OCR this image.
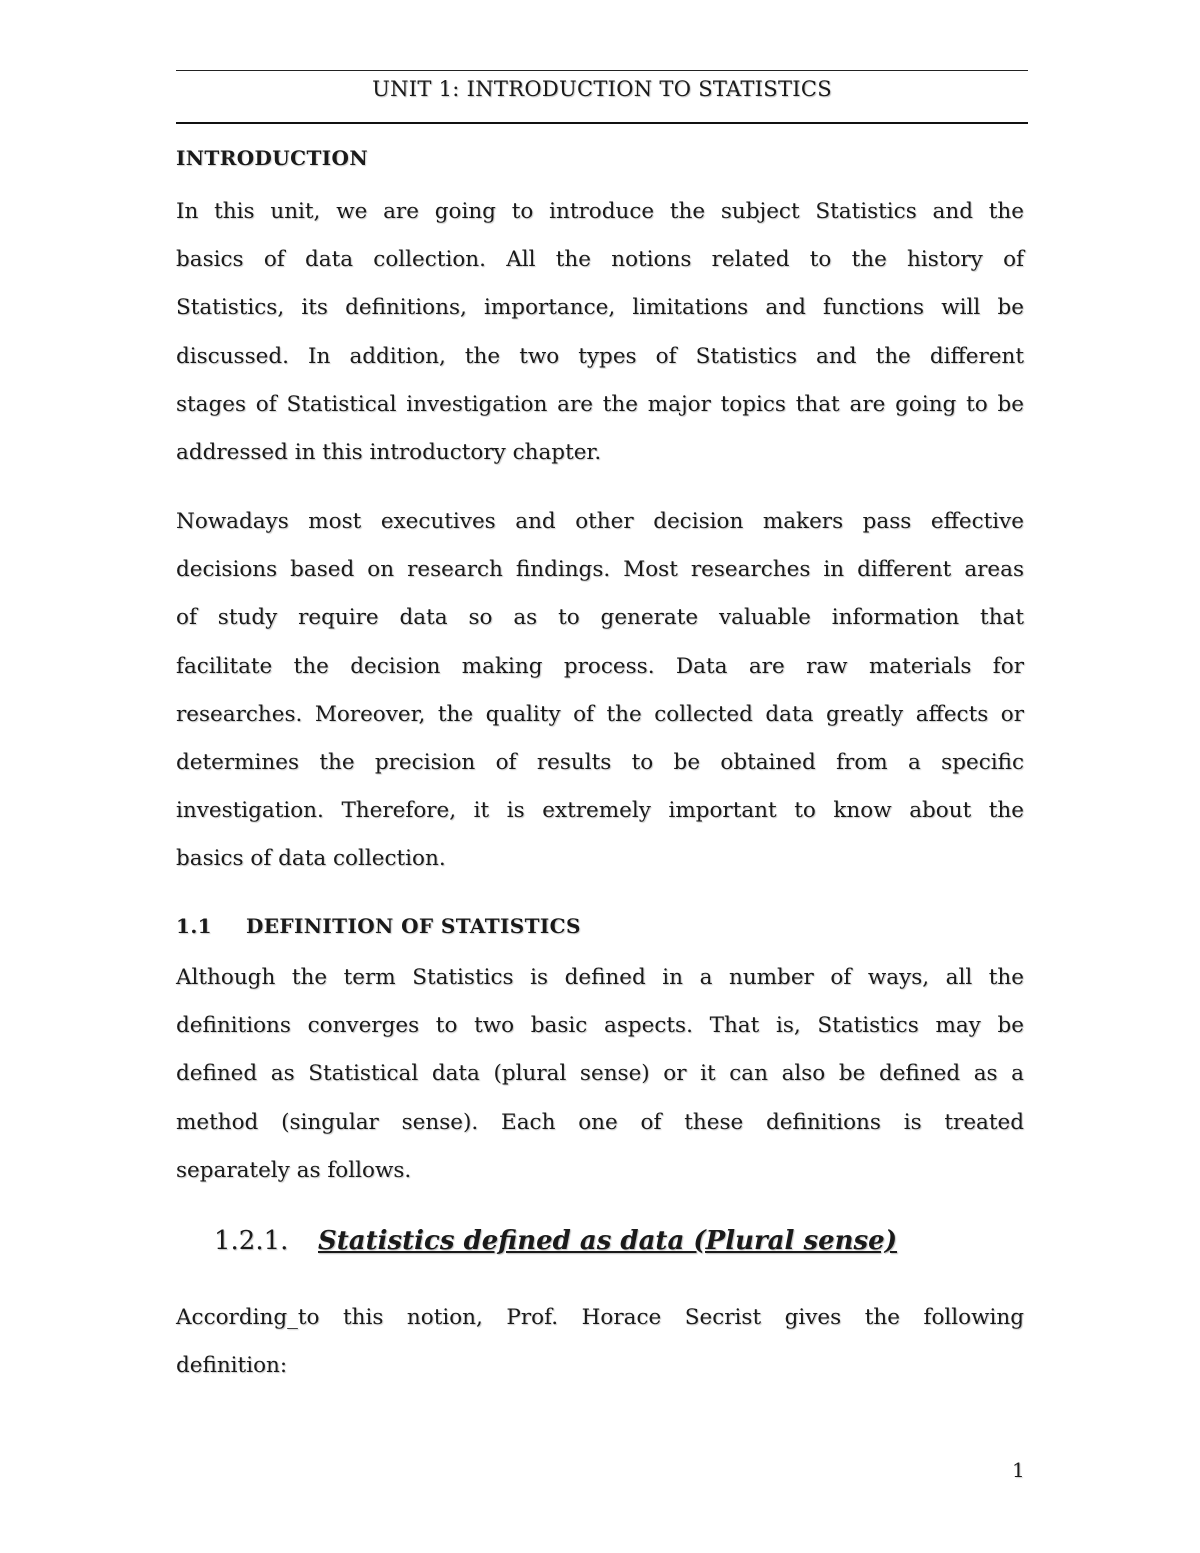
UNIT 1: INTRODUCTION TO STATISTICS
INTRODUCTION
In this unit, we are going to introduce the subject Statistics and the
basics of data collection. All the notions related to the history of
Statistics, its definitions, importance, limitations and functions will be
discussed. In addition, the two types of Statistics and the different
stages of Statistical investigation are the major topics that are going to be
addressed in this introductory chapter.
Nowadays most executives and other decision makers pass effective
decisions based on research findings. Most researches in different areas
of study require data so as to generate valuable information that
facilitate the decision making process. Data are raw materials for
researches. Moreover, the quality of the collected data greatly affects or
determines the precision of results to be obtained from a specific
investigation. Therefore, it is extremely important to know about the
basics of data collection.
1.1 DEFINITION OF STATISTICS
Although the term Statistics is defined in a number of ways, all the
definitions converges to two basic aspects. That is, Statistics may be
defined as Statistical data (plural sense) or it can also be defined as a
method (singular sense). Each one of these definitions is treated
separately as follows.
1.2.1. Statistics defined as data (Plural sense)
According_to this notion, Prof. Horace Secrist gives the following
definition:
1
